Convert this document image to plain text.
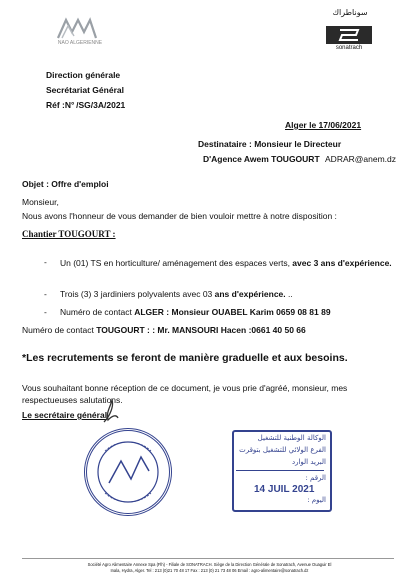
NAO ALGERIENNE
سوناطراك
sonatrach
Direction générale
Secrétariat Général
Réf :N° /SG/3A/2021
Alger le 17/06/2021
Destinataire : Monsieur le Directeur
D'Agence Awem TOUGOURT ADRAR@anem.dz
Objet : Offre d'emploi
Monsieur,
Nous avons l'honneur de vous demander de bien vouloir mettre à notre disposition :
Chantier TOUGOURT :
- Un (01) TS en horticulture/ aménagement des espaces verts, avec 3 ans d'expérience.
- Trois (3) 3 jardiniers polyvalents avec 03 ans d'expérience. ..
- Numéro de contact ALGER : Monsieur OUABEL Karim 0659 08 81 89
Numéro de contact TOUGOURT : : Mr. MANSOURI Hacen :0661 40 50 66
*Les recrutements se feront de manière graduelle et aux besoins.
Vous souhaitant bonne réception de ce document, je vous prie d'agréé, monsieur, mes respectueuses salutations.
Le secrétaire général
الوكالة الوطنية للتشغيل
الفرع الولائي للتشغيل بتوقرت
البريد الوارد
الرقم :
14 JUIL 2021
اليوم :
Société Agro Alimentaire Annexe Spa (Flh) - Filiale de SONATRACH. Siège de la Direction Générale de Sonatrach, Avenue Ouaguir El
Inala, Hydra, Alger. Tel : 213 (0)21 70 48 17 Fax : 213 (0) 21 73 48 06 Email : agro-alimentaire@sonatrach.dz
